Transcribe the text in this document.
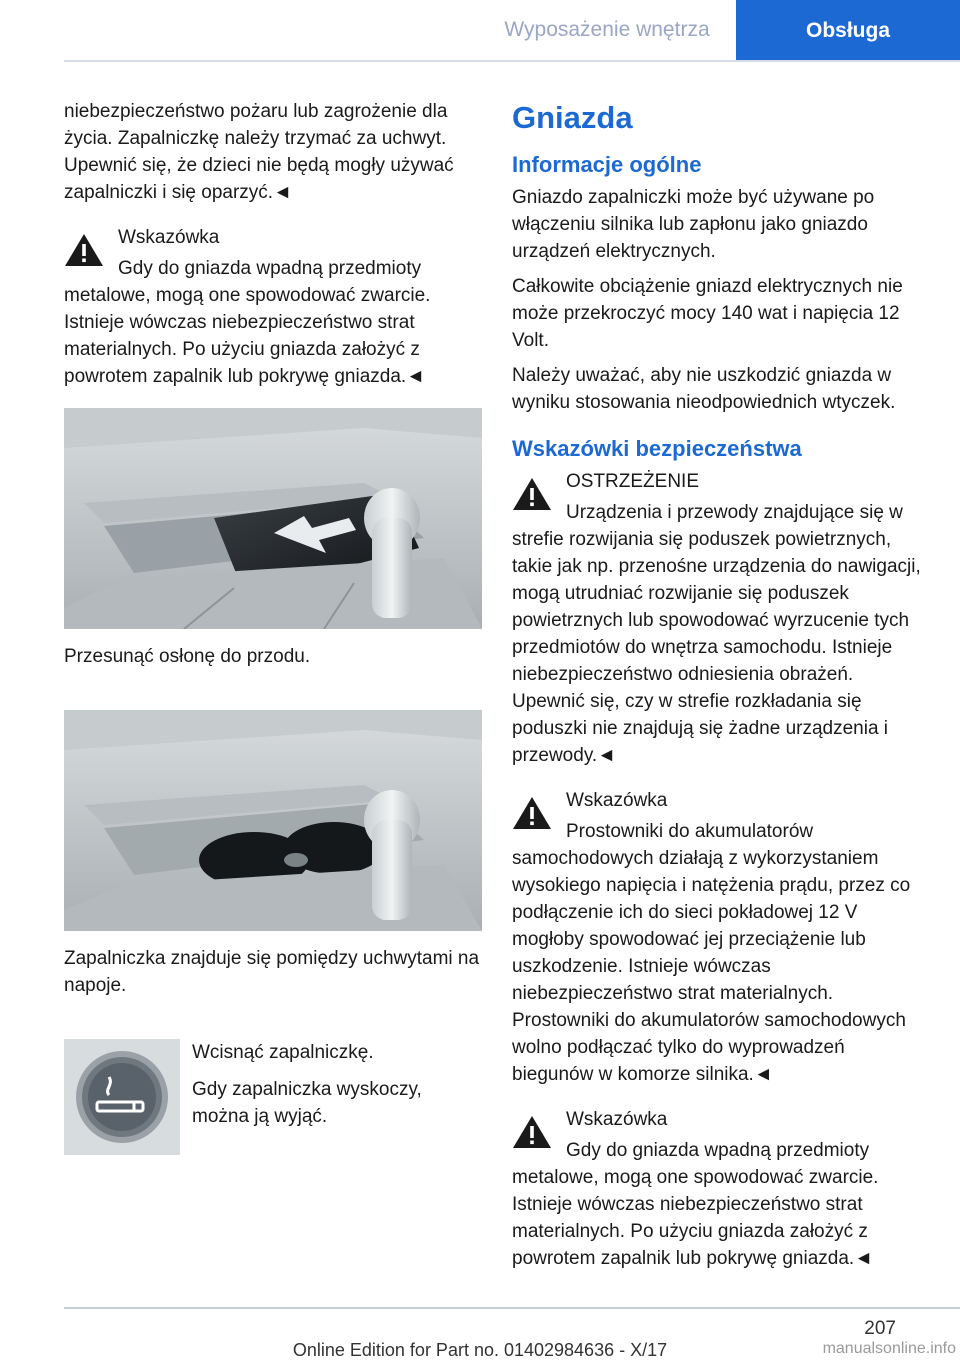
Wyposażenie wnętrza	Obsługa

niebezpieczeństwo pożaru lub zagrożenie dla życia. Zapalniczkę należy trzymać za uchwyt. Upewnić się, że dzieci nie będą mogły używać zapalniczki i się oparzyć.◄

Wskazówka

Gdy do gniazda wpadną przedmioty metalowe, mogą one spowodować zwarcie. Istnieje wówczas niebezpieczeństwo strat materialnych. Po użyciu gniazda założyć z powrotem zapalnik lub pokrywę gniazda.◄

Przesunąć osłonę do przodu.

Zapalniczka znajduje się pomiędzy uchwytami na napoje.

Wcisnąć zapalniczkę.

Gdy zapalniczka wyskoczy, można ją wyjąć.

Gniazda
Informacje ogólne

Gniazdo zapalniczki może być używane po włączeniu silnika lub zapłonu jako gniazdo urządzeń elektrycznych.

Całkowite obciążenie gniazd elektrycznych nie może przekroczyć mocy 140 wat i napięcia 12 Volt.

Należy uważać, aby nie uszkodzić gniazda w wyniku stosowania nieodpowiednich wtyczek.

Wskazówki bezpieczeństwa
OSTRZEŻENIE

Urządzenia i przewody znajdujące się w strefie rozwijania się poduszek powietrznych, takie jak np. przenośne urządzenia do nawigacji, mogą utrudniać rozwijanie się poduszek powietrznych lub spowodować wyrzucenie tych przedmiotów do wnętrza samochodu. Istnieje niebezpieczeństwo odniesienia obrażeń. Upewnić się, czy w strefie rozkładania się poduszki nie znajdują się żadne urządzenia i przewody.◄

Wskazówka

Prostowniki do akumulatorów samochodowych działają z wykorzystaniem wysokiego napięcia i natężenia prądu, przez co podłączenie ich do sieci pokładowej 12 V mogłoby spowodować jej przeciążenie lub uszkodzenie. Istnieje wówczas niebezpieczeństwo strat materialnych. Prostowniki do akumulatorów samochodowych wolno podłączać tylko do wyprowadzeń biegunów w komorze silnika.◄

Wskazówka

Gdy do gniazda wpadną przedmioty metalowe, mogą one spowodować zwarcie. Istnieje wówczas niebezpieczeństwo strat materialnych. Po użyciu gniazda założyć z powrotem zapalnik lub pokrywę gniazda.◄

207
Online Edition for Part no. 01402984636 - X/17	manualsonline.info
